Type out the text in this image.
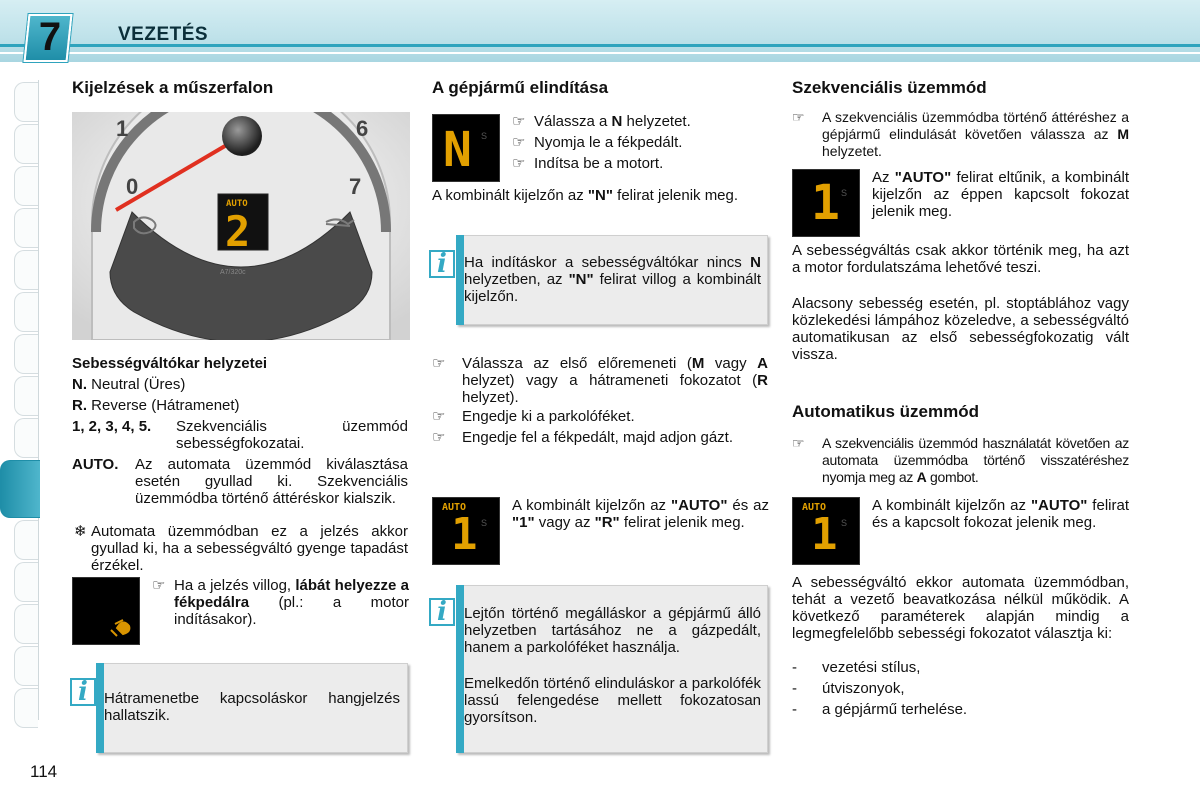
7	VEZETÉS
Kijelzések a műszerfalon
1
0
6
7
AUTO
2
A7/320c
Sebességváltókar helyzetei
N. Neutral (Üres)
R. Reverse (Hátramenet)
1, 2, 3, 4, 5. Szekvenciális üzemmód sebességfokozatai.
AUTO. Az automata üzemmód kiválasztása esetén gyullad ki. Szekvenciális üzemmódba történő áttéréskor kialszik.
❄ Automata üzemmódban ez a jelzés akkor gyullad ki, ha a sebességváltó gyenge tapadást érzékel.
☞ Ha a jelzés villog, lábát helyezze a fékpedálra (pl.: a motor indításakor).
i	Hátramenetbe kapcsoláskor hangjelzés hallatszik.
114
A gépjármű elindítása
N S
☞ Válassza a N helyzetet.
☞ Nyomja le a fékpedált.
☞ Indítsa be a motort.
A kombinált kijelzőn az "N" felirat jelenik meg.
i	Ha indításkor a sebességváltókar nincs N helyzetben, az "N" felirat villog a kombinált kijelzőn.
☞	Válassza az első előremeneti (M vagy A helyzet) vagy a hátrameneti fokozatot (R helyzet).
☞	Engedje ki a parkolóféket.
☞	Engedje fel a fékpedált, majd adjon gázt.
AUTO
1 S
A kombinált kijelzőn az "AUTO" és az "1" vagy az "R" felirat jelenik meg.
i	Lejtőn történő megálláskor a gépjármű álló helyzetben tartásához ne a gázpedált, hanem a parkolóféket használja.
Emelkedőn történő elinduláskor a parkolófék lassú felengedése mellett fokozatosan gyorsítson.
Szekvenciális üzemmód
☞	A szekvenciális üzemmódba történő áttéréshez a gépjármű elindulását követően válassza az M helyzetet.
1 S
Az "AUTO" felirat eltűnik, a kombinált kijelzőn az éppen kapcsolt fokozat jelenik meg.
A sebességváltás csak akkor történik meg, ha azt a motor fordulatszáma lehetővé teszi.
Alacsony sebesség esetén, pl. stoptáblához vagy közlekedési lámpához közeledve, a sebességváltó automatikusan az első sebességfokozatig vált vissza.
Automatikus üzemmód
☞	A szekvenciális üzemmód használatát követően az automata üzemmódba történő visszatéréshez nyomja meg az A gombot.
AUTO
1 S
A kombinált kijelzőn az "AUTO" felirat és a kapcsolt fokozat jelenik meg.
A sebességváltó ekkor automata üzemmódban, tehát a vezető beavatkozása nélkül működik. A következő paraméterek alapján mindig a legmegfelelőbb sebességi fokozatot választja ki:
- vezetési stílus,
- útviszonyok,
- a gépjármű terhelése.
